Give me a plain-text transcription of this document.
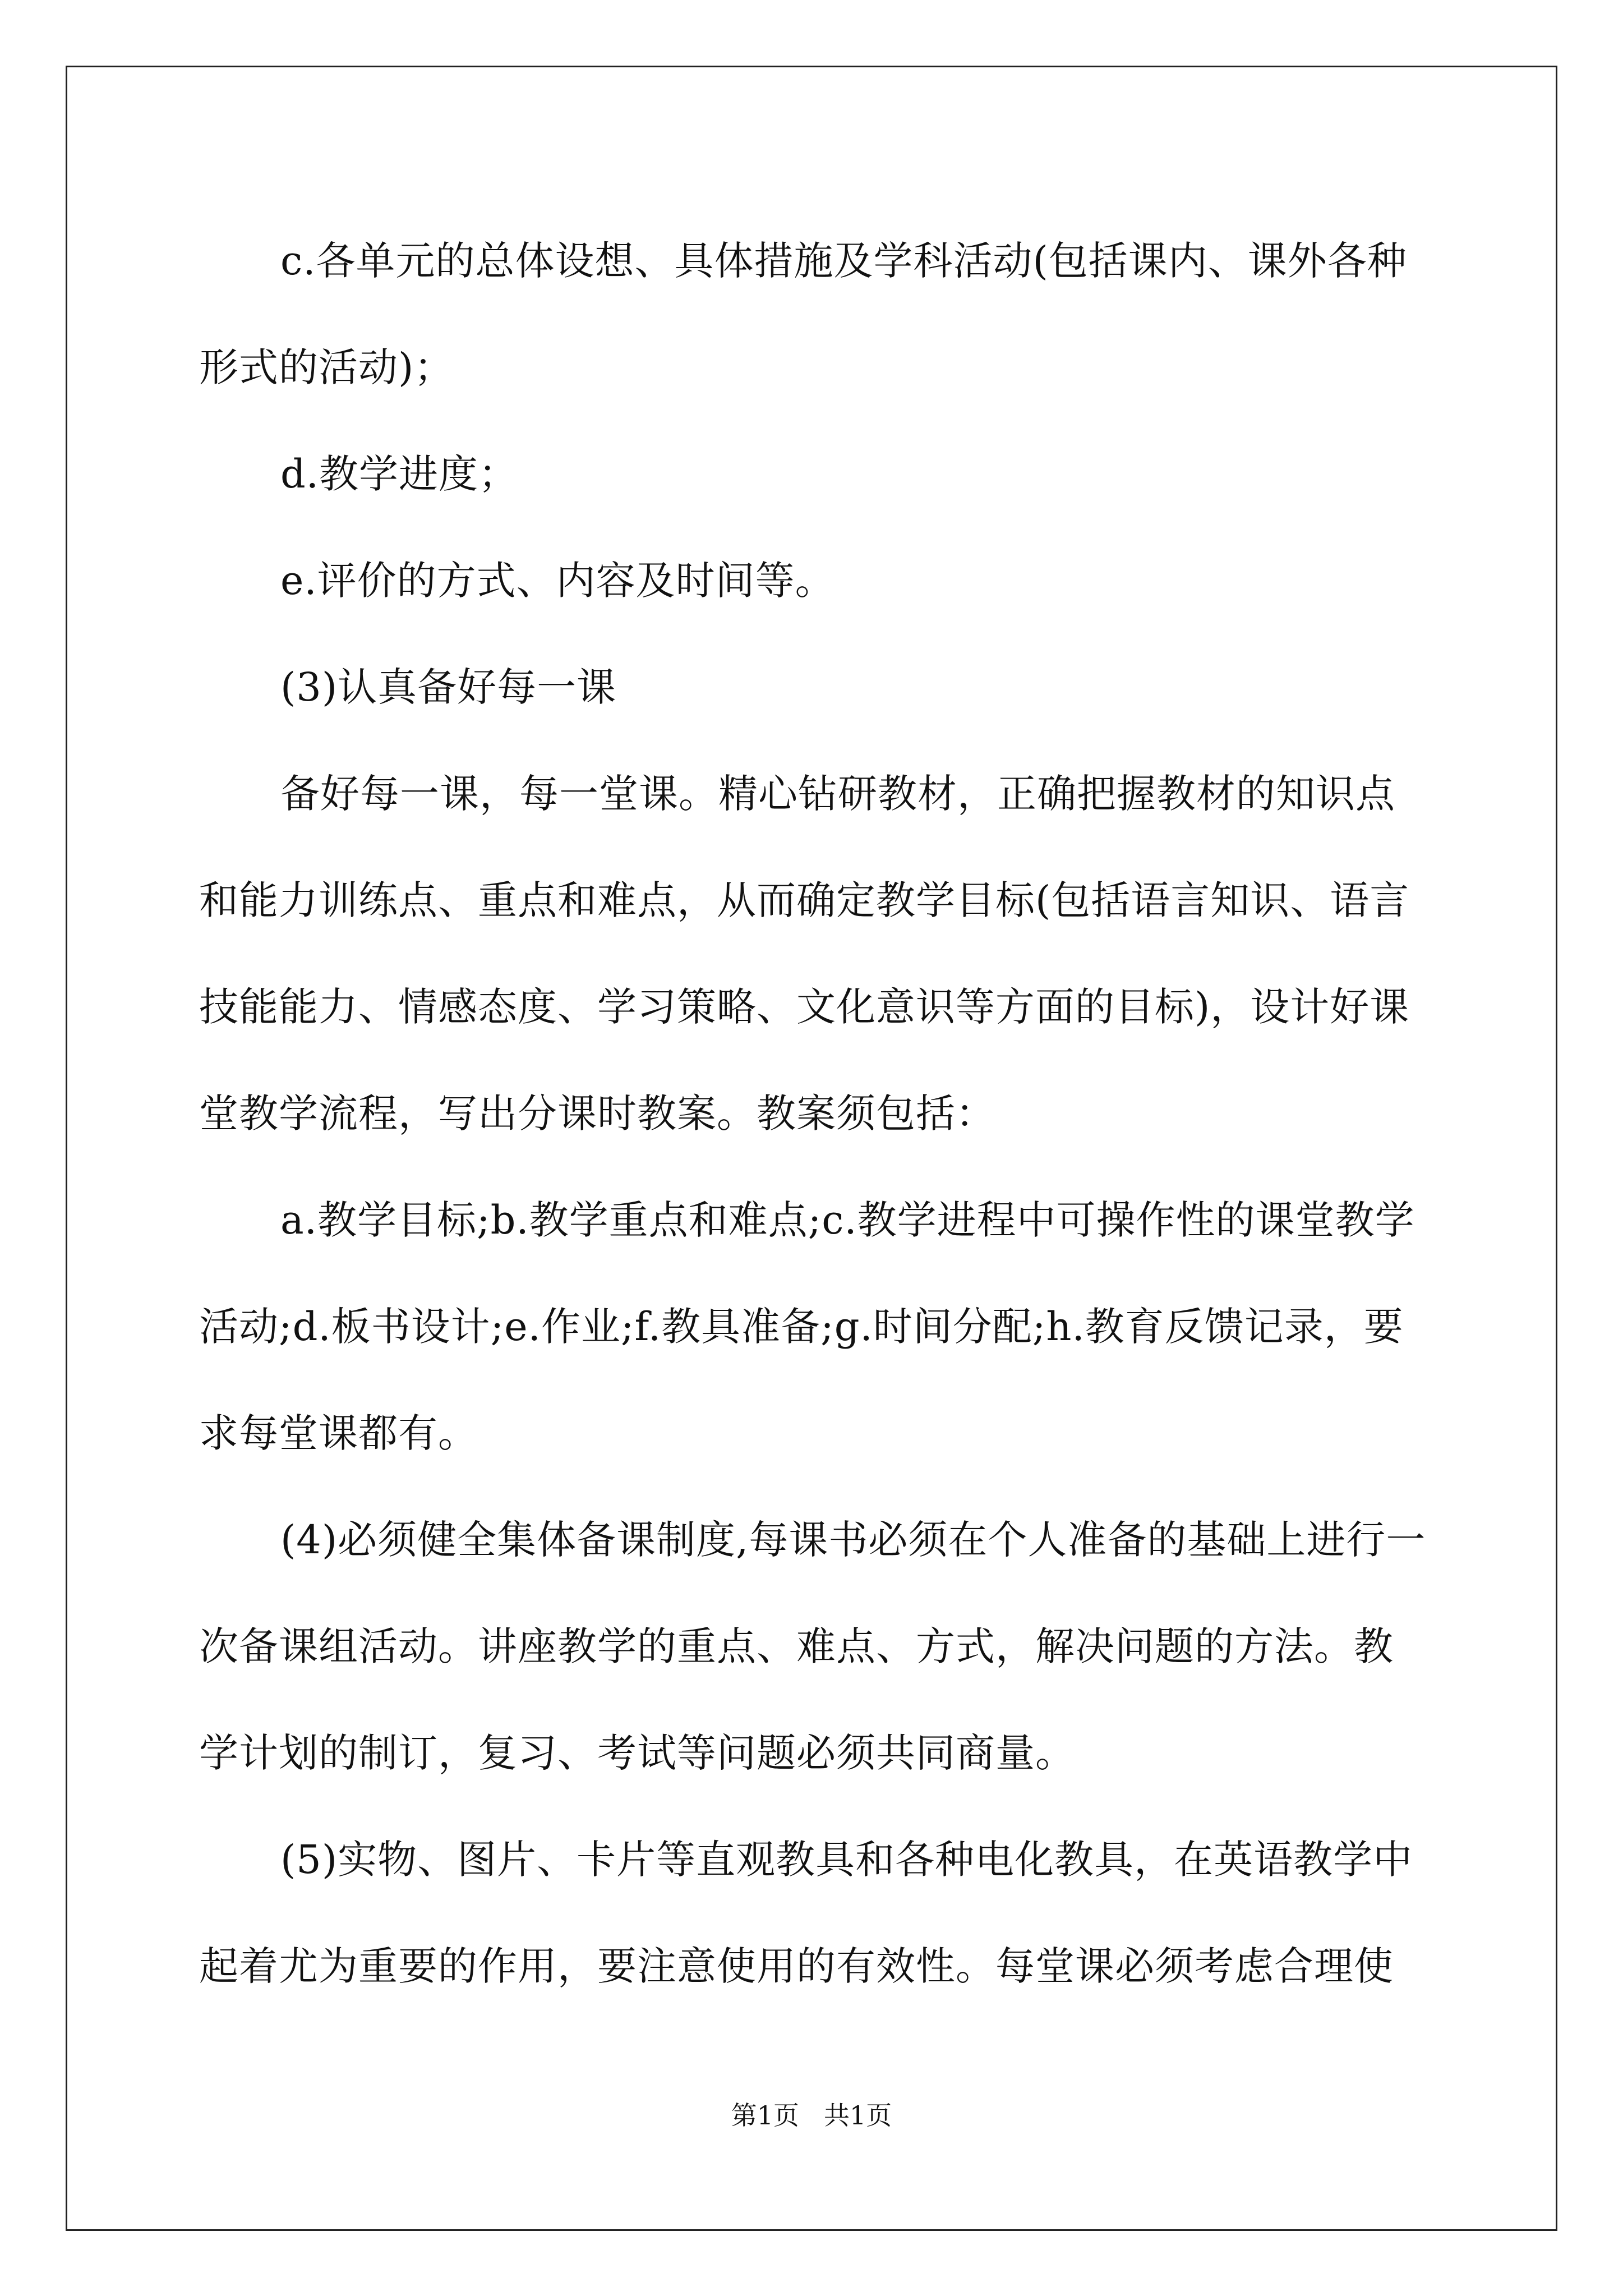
c.各单元的总体设想、具体措施及学科活动(包括课内、课外各种形式的活动)；

d.教学进度；

e.评价的方式、内容及时间等。

(3)认真备好每一课

备好每一课，每一堂课。精心钻研教材，正确把握教材的知识点和能力训练点、重点和难点，从而确定教学目标(包括语言知识、语言技能能力、情感态度、学习策略、文化意识等方面的目标)，设计好课堂教学流程，写出分课时教案。教案须包括：

a.教学目标;b.教学重点和难点;c.教学进程中可操作性的课堂教学活动;d.板书设计;e.作业;f.教具准备;g.时间分配;h.教育反馈记录，要求每堂课都有。

(4)必须健全集体备课制度,每课书必须在个人准备的基础上进行一次备课组活动。讲座教学的重点、难点、方式，解决问题的方法。教学计划的制订，复习、考试等问题必须共同商量。

(5)实物、图片、卡片等直观教具和各种电化教具，在英语教学中起着尤为重要的作用，要注意使用的有效性。每堂课必须考虑合理使

第1页 共1页
